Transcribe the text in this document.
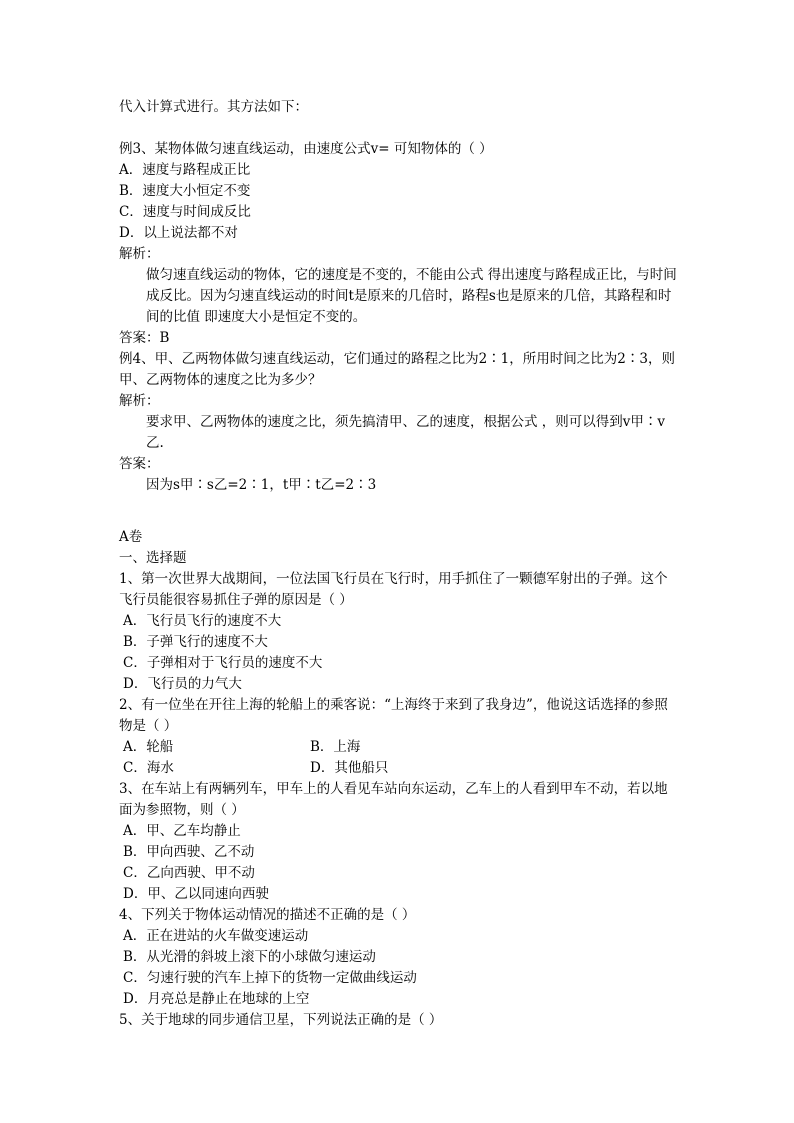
代入计算式进行。其方法如下：
例3、某物体做匀速直线运动，由速度公式v= 可知物体的（ ）
A．速度与路程成正比
B．速度大小恒定不变
C．速度与时间成反比
D．以上说法都不对
解析：
做匀速直线运动的物体，它的速度是不变的，不能由公式 得出速度与路程成正比，与时间成反比。因为匀速直线运动的时间t是原来的几倍时，路程s也是原来的几倍，其路程和时间的比值 即速度大小是恒定不变的。
答案：B
例4、甲、乙两物体做匀速直线运动，它们通过的路程之比为2∶1，所用时间之比为2∶3，则甲、乙两物体的速度之比为多少？
解析：
要求甲、乙两物体的速度之比，须先搞清甲、乙的速度，根据公式 ，则可以得到v甲∶v乙.
答案：
因为s甲∶s乙=2∶1，t甲∶t乙=2∶3
A卷
一、选择题
1、第一次世界大战期间，一位法国飞行员在飞行时，用手抓住了一颗德军射出的子弹。这个飞行员能很容易抓住子弹的原因是（ ）
A．飞行员飞行的速度不大
B．子弹飞行的速度不大
C．子弹相对于飞行员的速度不大
D．飞行员的力气大
2、有一位坐在开往上海的轮船上的乘客说：“上海终于来到了我身边”，他说这话选择的参照物是（ ）
A．轮船	B．上海
C．海水	D．其他船只
3、在车站上有两辆列车，甲车上的人看见车站向东运动，乙车上的人看到甲车不动，若以地面为参照物，则（ ）
A．甲、乙车均静止
B．甲向西驶、乙不动
C．乙向西驶、甲不动
D．甲、乙以同速向西驶
4、下列关于物体运动情况的描述不正确的是（ ）
A．正在进站的火车做变速运动
B．从光滑的斜坡上滚下的小球做匀速运动
C．匀速行驶的汽车上掉下的货物一定做曲线运动
D．月亮总是静止在地球的上空
5、关于地球的同步通信卫星，下列说法正确的是（ ）
